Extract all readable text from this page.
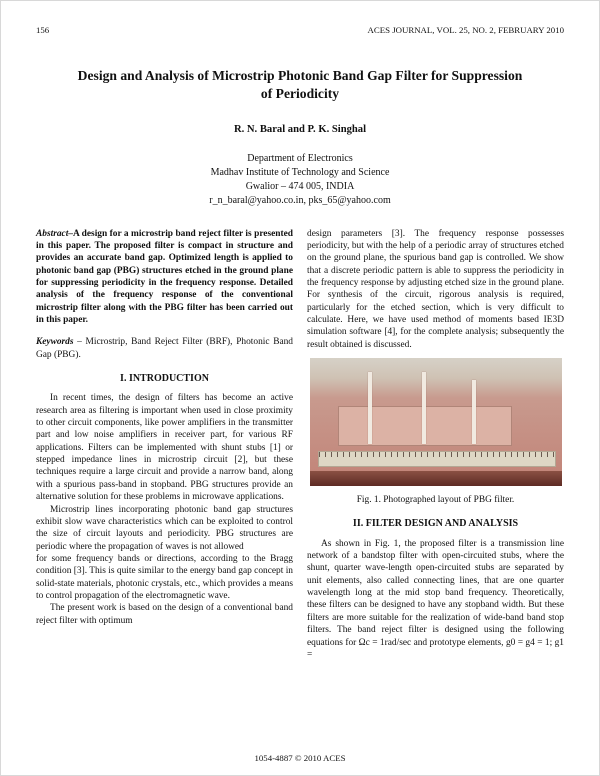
156	ACES JOURNAL, VOL. 25, NO. 2, FEBRUARY 2010
Design and Analysis of Microstrip Photonic Band Gap Filter for Suppression of Periodicity
R. N. Baral and P. K. Singhal
Department of Electronics
Madhav Institute of Technology and Science
Gwalior – 474 005, INDIA
r_n_baral@yahoo.co.in, pks_65@yahoo.com

Abstract–A design for a microstrip band reject filter is presented in this paper. The proposed filter is compact in structure and provides an accurate band gap. Optimized length is applied to photonic band gap (PBG) structures etched in the ground plane for suppressing periodicity in the frequency response. Detailed analysis of the frequency response of the conventional microstrip filter along with the PBG filter has been carried out in this paper.

Keywords – Microstrip, Band Reject Filter (BRF), Photonic Band Gap (PBG).

I. INTRODUCTION

In recent times, the design of filters has become an active research area as filtering is important when used in close proximity to other circuit components, like power amplifiers in the transmitter part and low noise amplifiers in receiver part, for various RF applications. Filters can be implemented with shunt stubs [1] or stepped impedance lines in microstrip circuit [2], but these techniques require a large circuit and provide a narrow band, along with a spurious pass-band in stopband. PBG structures provide an alternative solution for these problems in microwave applications.

Microstrip lines incorporating photonic band gap structures exhibit slow wave characteristics which can be exploited to control the size of circuit layouts and periodicity. PBG structures are periodic where the propagation of waves is not allowed

for some frequency bands or directions, according to the Bragg condition [3]. This is quite similar to the energy band gap concept in solid-state materials, photonic crystals, etc., which provides a means to control propagation of the electromagnetic wave.

The present work is based on the design of a conventional band reject filter with optimum

design parameters [3]. The frequency response possesses periodicity, but with the help of a periodic array of structures etched on the ground plane, the spurious band gap is controlled. We show that a discrete periodic pattern is able to suppress the periodicity in the frequency response by adjusting etched size in the ground plane. For synthesis of the circuit, rigorous analysis is required, particularly for the etched section, which is very difficult to calculate. Here, we have used method of moments based IE3D simulation software [4], for the complete analysis; subsequently the result obtained is discussed.

Fig. 1. Photographed layout of PBG filter.

II. FILTER DESIGN AND ANALYSIS

As shown in Fig. 1, the proposed filter is a transmission line network of a bandstop filter with open-circuited stubs, where the shunt, quarter wave-length open-circuited stubs are separated by unit elements, also called connecting lines, that are one quarter wavelength long at the mid stop band frequency. Theoretically, these filters can be designed to have any stopband width. But these filters are more suitable for the realization of wide-band band stop filters. The band reject filter is designed using the following equations for Ωc = 1rad/sec and prototype elements, g0 = g4 = 1; g1 =

1054-4887 © 2010 ACES
